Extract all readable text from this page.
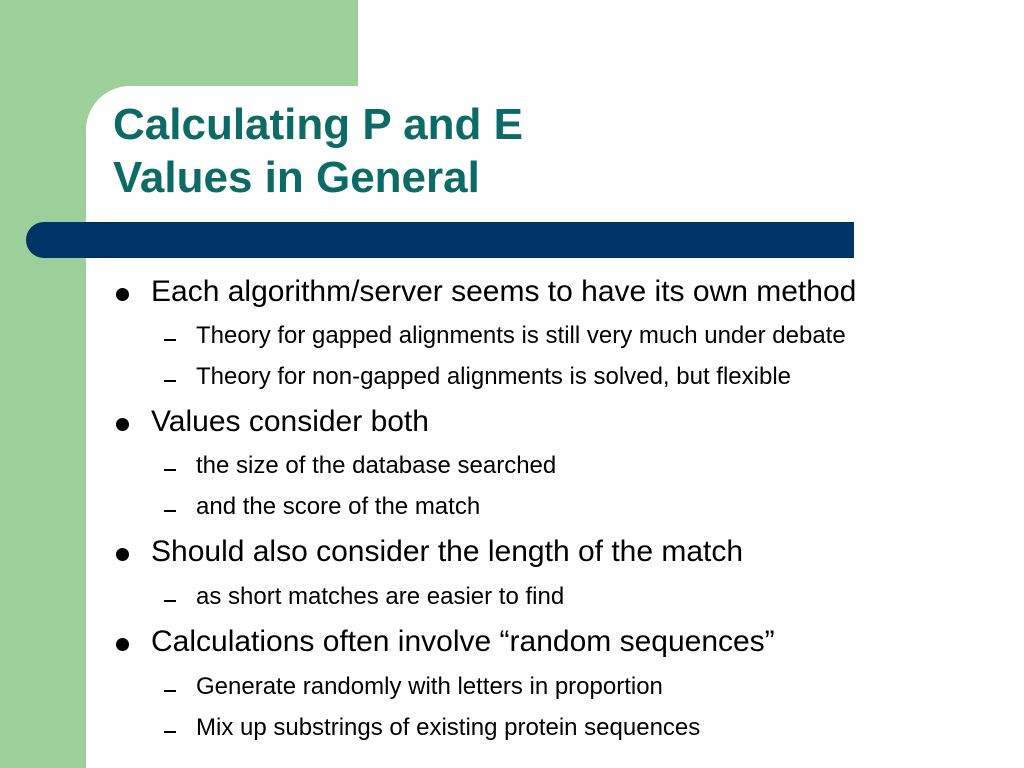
Calculating P and E
Values in General
Each algorithm/server seems to have its own method
Theory for gapped alignments is still very much under debate
Theory for non-gapped alignments is solved, but flexible
Values consider both
the size of the database searched
and the score of the match
Should also consider the length of the match
as short matches are easier to find
Calculations often involve “random sequences”
Generate randomly with letters in proportion
Mix up substrings of existing protein sequences
